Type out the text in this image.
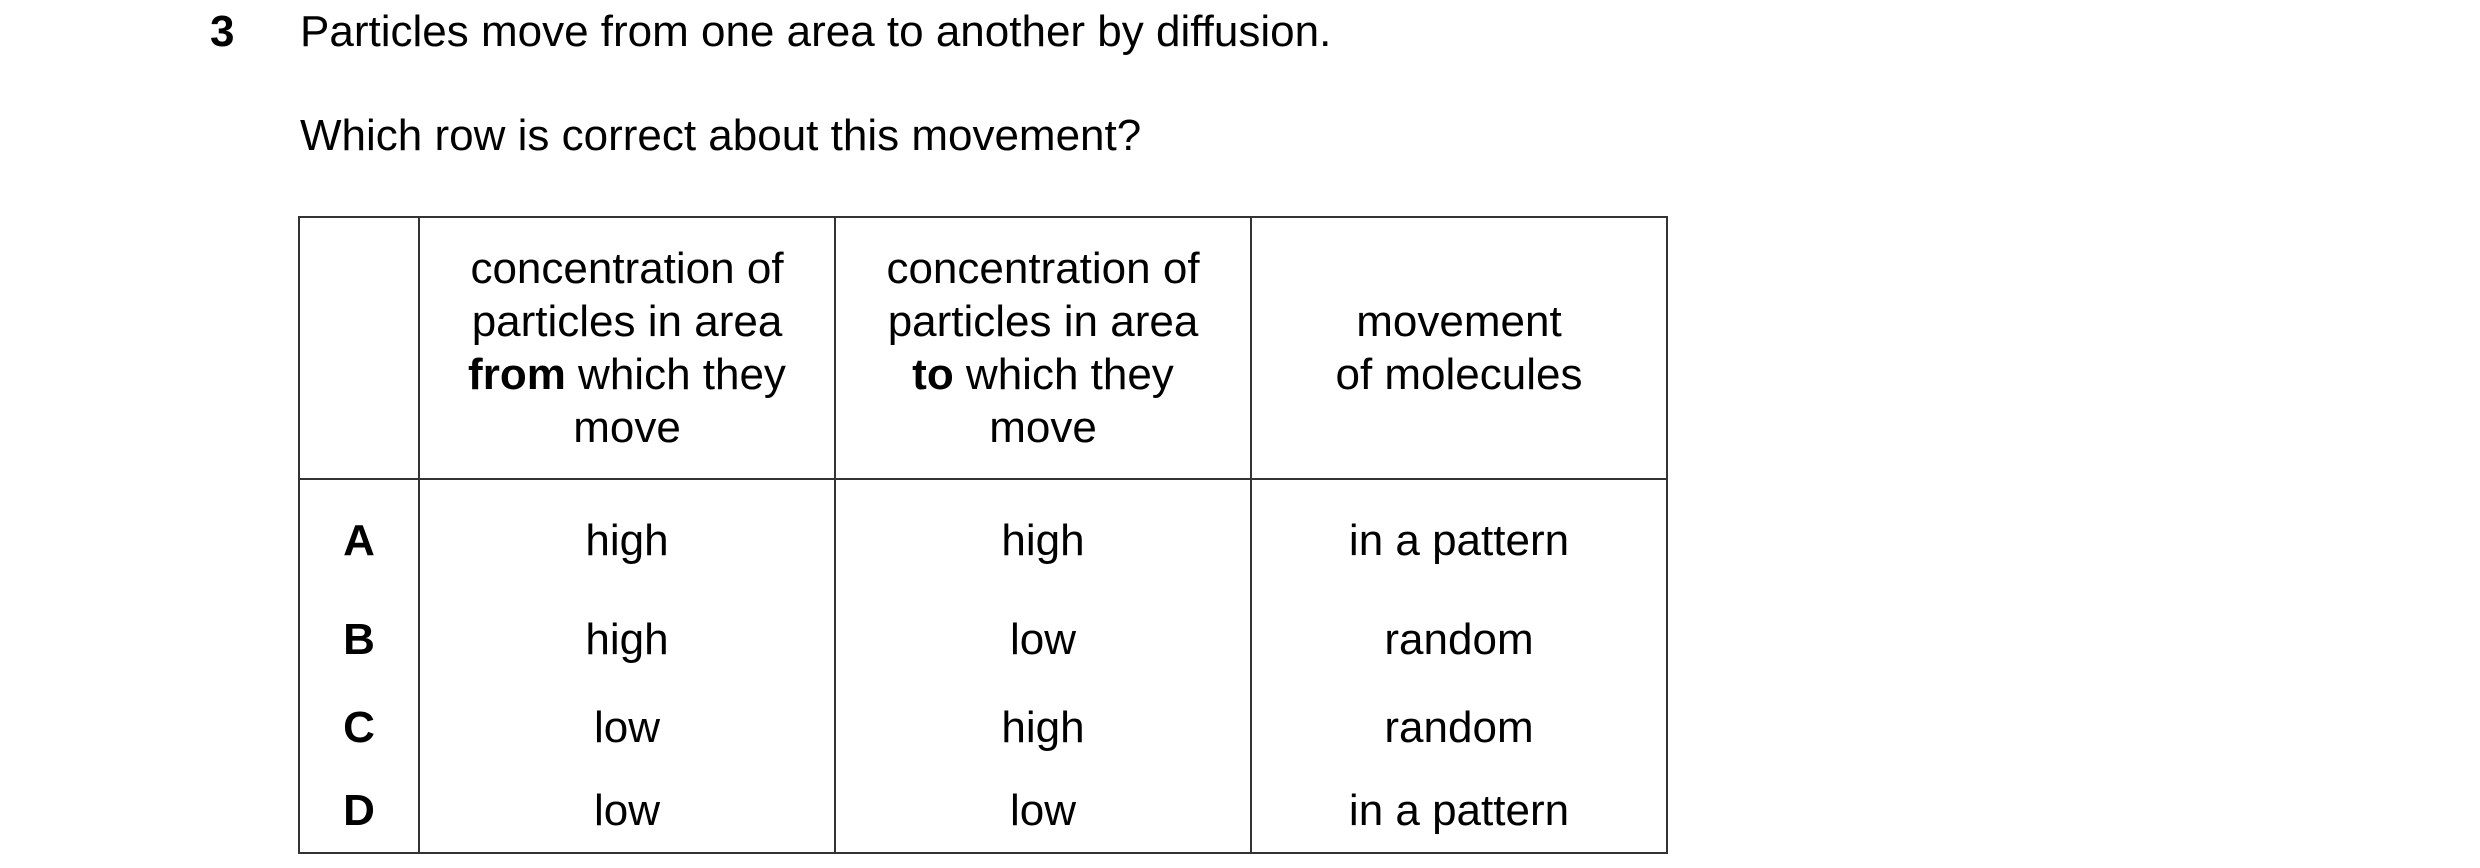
3 Particles move from one area to another by diffusion.
Which row is correct about this movement?
	concentration of
particles in area
from which they
move	concentration of
particles in area
to which they
move	movement
of molecules
A	high	high	in a pattern
B	high	low	random
C	low	high	random
D	low	low	in a pattern
